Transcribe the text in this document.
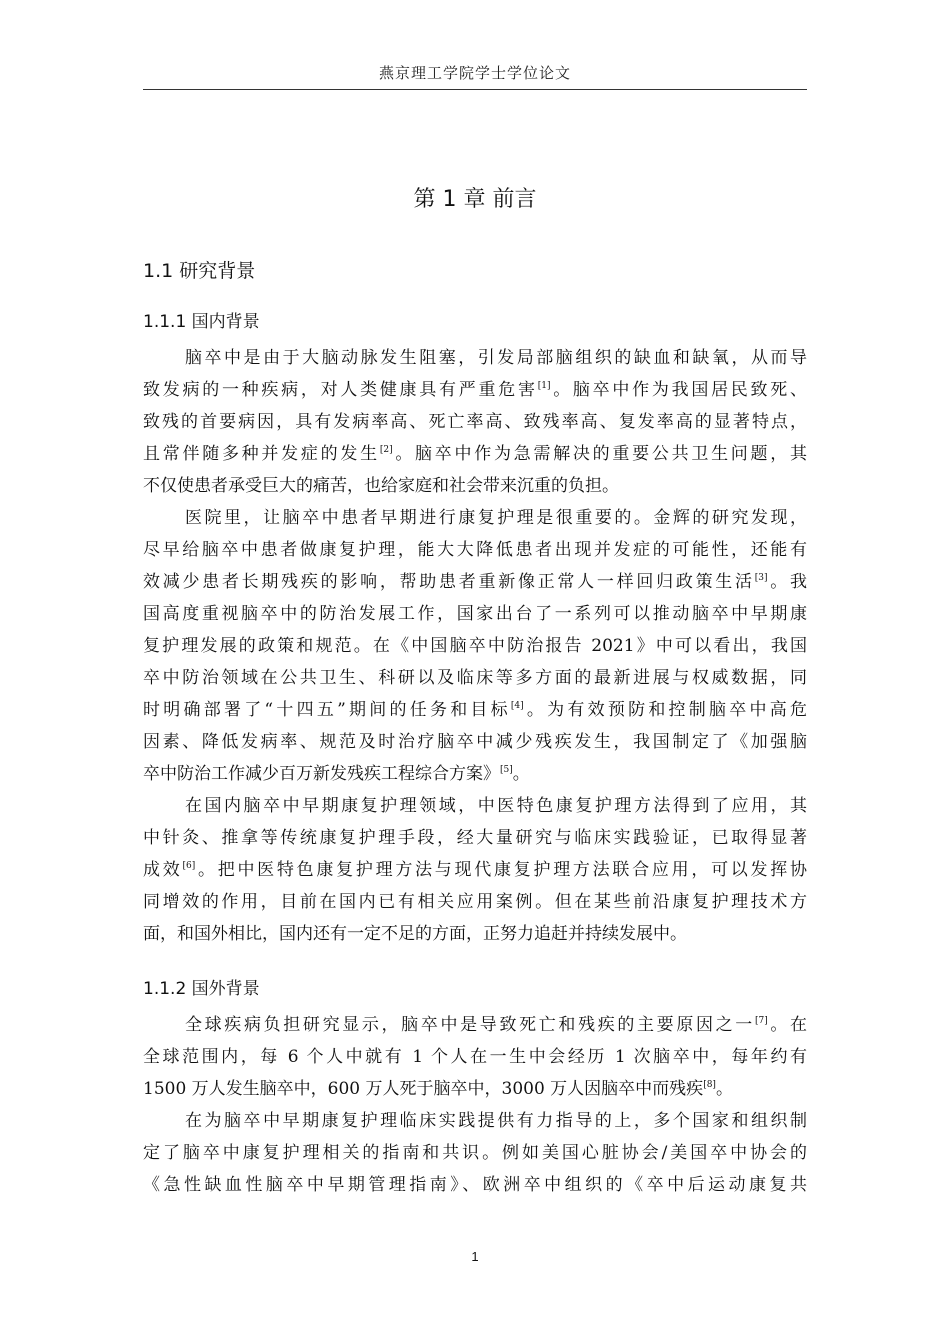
燕京理工学院学士学位论文
第 1 章 前言
1.1 研究背景
1.1.1 国内背景
脑卒中是由于大脑动脉发生阻塞，引发局部脑组织的缺血和缺氧，从而导
致发病的一种疾病，对人类健康具有严重危害[1]。脑卒中作为我国居民致死、
致残的首要病因，具有发病率高、死亡率高、致残率高、复发率高的显著特点，
且常伴随多种并发症的发生[2]。脑卒中作为急需解决的重要公共卫生问题，其
不仅使患者承受巨大的痛苦，也给家庭和社会带来沉重的负担。
医院里，让脑卒中患者早期进行康复护理是很重要的。金辉的研究发现，
尽早给脑卒中患者做康复护理，能大大降低患者出现并发症的可能性，还能有
效减少患者长期残疾的影响，帮助患者重新像正常人一样回归政策生活[3]。我
国高度重视脑卒中的防治发展工作，国家出台了一系列可以推动脑卒中早期康
复护理发展的政策和规范。在《中国脑卒中防治报告 2021》中可以看出，我国
卒中防治领域在公共卫生、科研以及临床等多方面的最新进展与权威数据，同
时明确部署了“十四五”期间的任务和目标[4]。为有效预防和控制脑卒中高危
因素、降低发病率、规范及时治疗脑卒中减少残疾发生，我国制定了《加强脑
卒中防治工作减少百万新发残疾工程综合方案》[5]。
在国内脑卒中早期康复护理领域，中医特色康复护理方法得到了应用，其
中针灸、推拿等传统康复护理手段，经大量研究与临床实践验证，已取得显著
成效[6]。把中医特色康复护理方法与现代康复护理方法联合应用，可以发挥协
同增效的作用，目前在国内已有相关应用案例。但在某些前沿康复护理技术方
面，和国外相比，国内还有一定不足的方面，正努力追赶并持续发展中。
1.1.2 国外背景
全球疾病负担研究显示，脑卒中是导致死亡和残疾的主要原因之一[7]。在
全球范围内，每 6 个人中就有 1 个人在一生中会经历 1 次脑卒中，每年约有
1500 万人发生脑卒中，600 万人死于脑卒中，3000 万人因脑卒中而残疾[8]。
在为脑卒中早期康复护理临床实践提供有力指导的上，多个国家和组织制
定了脑卒中康复护理相关的指南和共识。例如美国心脏协会/美国卒中协会的
《急性缺血性脑卒中早期管理指南》、欧洲卒中组织的《卒中后运动康复共
1
